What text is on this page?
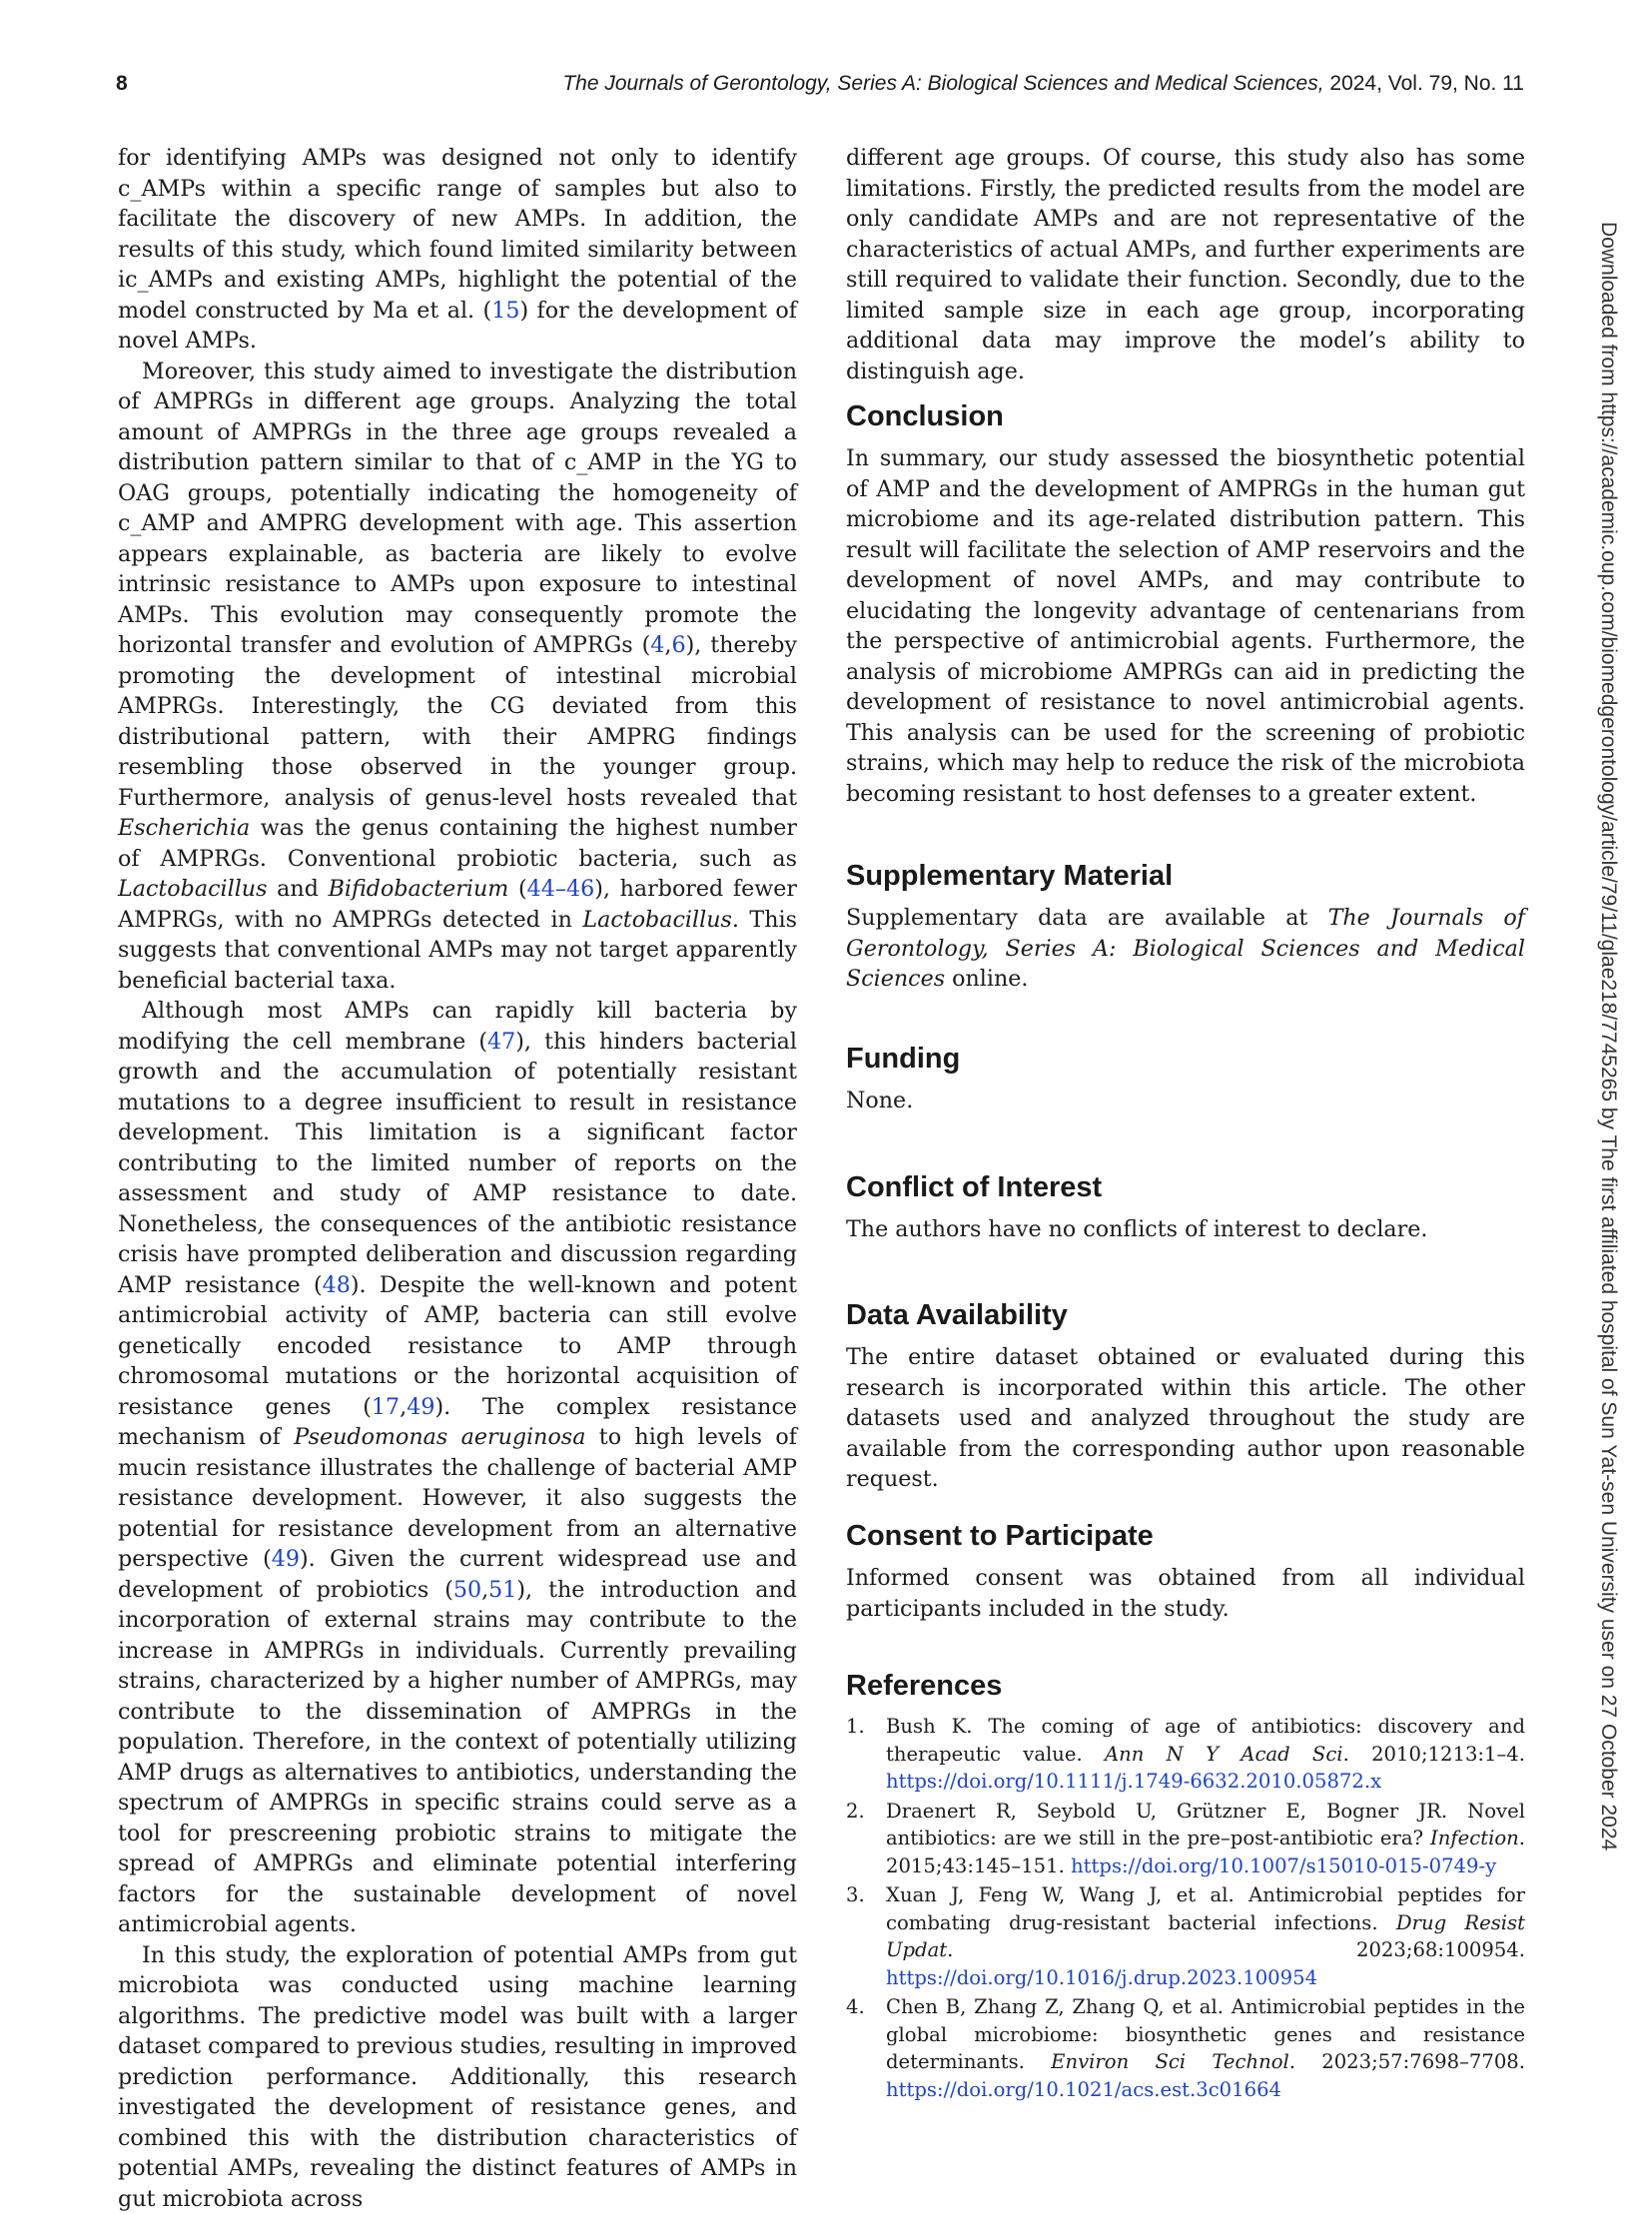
8	The Journals of Gerontology, Series A: Biological Sciences and Medical Sciences, 2024, Vol. 79, No. 11

for identifying AMPs was designed not only to identify c_AMPs within a specific range of samples but also to facilitate the discovery of new AMPs. In addition, the results of this study, which found limited similarity between ic_AMPs and existing AMPs, highlight the potential of the model constructed by Ma et al. (15) for the development of novel AMPs.

Moreover, this study aimed to investigate the distribution of AMPRGs in different age groups. Analyzing the total amount of AMPRGs in the three age groups revealed a distribution pattern similar to that of c_AMP in the YG to OAG groups, potentially indicating the homogeneity of c_AMP and AMPRG development with age. This assertion appears explainable, as bacteria are likely to evolve intrinsic resistance to AMPs upon exposure to intestinal AMPs. This evolution may consequently promote the horizontal transfer and evolution of AMPRGs (4,6), thereby promoting the development of intestinal microbial AMPRGs. Interestingly, the CG deviated from this distributional pattern, with their AMPRG findings resembling those observed in the younger group. Furthermore, analysis of genus-level hosts revealed that Escherichia was the genus containing the highest number of AMPRGs. Conventional probiotic bacteria, such as Lactobacillus and Bifidobacterium (44–46), harbored fewer AMPRGs, with no AMPRGs detected in Lactobacillus. This suggests that conventional AMPs may not target apparently beneficial bacterial taxa.

Although most AMPs can rapidly kill bacteria by modifying the cell membrane (47), this hinders bacterial growth and the accumulation of potentially resistant mutations to a degree insufficient to result in resistance development. This limitation is a significant factor contributing to the limited number of reports on the assessment and study of AMP resistance to date. Nonetheless, the consequences of the antibiotic resistance crisis have prompted deliberation and discussion regarding AMP resistance (48). Despite the well-known and potent antimicrobial activity of AMP, bacteria can still evolve genetically encoded resistance to AMP through chromosomal mutations or the horizontal acquisition of resistance genes (17,49). The complex resistance mechanism of Pseudomonas aeruginosa to high levels of mucin resistance illustrates the challenge of bacterial AMP resistance development. However, it also suggests the potential for resistance development from an alternative perspective (49). Given the current widespread use and development of probiotics (50,51), the introduction and incorporation of external strains may contribute to the increase in AMPRGs in individuals. Currently prevailing strains, characterized by a higher number of AMPRGs, may contribute to the dissemination of AMPRGs in the population. Therefore, in the context of potentially utilizing AMP drugs as alternatives to antibiotics, understanding the spectrum of AMPRGs in specific strains could serve as a tool for prescreening probiotic strains to mitigate the spread of AMPRGs and eliminate potential interfering factors for the sustainable development of novel antimicrobial agents.

In this study, the exploration of potential AMPs from gut microbiota was conducted using machine learning algorithms. The predictive model was built with a larger dataset compared to previous studies, resulting in improved prediction performance. Additionally, this research investigated the development of resistance genes, and combined this with the distribution characteristics of potential AMPs, revealing the distinct features of AMPs in gut microbiota across

different age groups. Of course, this study also has some limitations. Firstly, the predicted results from the model are only candidate AMPs and are not representative of the characteristics of actual AMPs, and further experiments are still required to validate their function. Secondly, due to the limited sample size in each age group, incorporating additional data may improve the model’s ability to distinguish age.

Conclusion

In summary, our study assessed the biosynthetic potential of AMP and the development of AMPRGs in the human gut microbiome and its age-related distribution pattern. This result will facilitate the selection of AMP reservoirs and the development of novel AMPs, and may contribute to elucidating the longevity advantage of centenarians from the perspective of antimicrobial agents. Furthermore, the analysis of microbiome AMPRGs can aid in predicting the development of resistance to novel antimicrobial agents. This analysis can be used for the screening of probiotic strains, which may help to reduce the risk of the microbiota becoming resistant to host defenses to a greater extent.

Supplementary Material

Supplementary data are available at The Journals of Gerontology, Series A: Biological Sciences and Medical Sciences online.

Funding

None.

Conflict of Interest

The authors have no conflicts of interest to declare.

Data Availability

The entire dataset obtained or evaluated during this research is incorporated within this article. The other datasets used and analyzed throughout the study are available from the corresponding author upon reasonable request.

Consent to Participate

Informed consent was obtained from all individual participants included in the study.

References
1. Bush K. The coming of age of antibiotics: discovery and therapeutic value. Ann N Y Acad Sci. 2010;1213:1–4. https://doi.org/10.1111/j.1749-6632.2010.05872.x
2. Draenert R, Seybold U, Grützner E, Bogner JR. Novel antibiotics: are we still in the pre–post-antibiotic era? Infection. 2015;43:145–151. https://doi.org/10.1007/s15010-015-0749-y
3. Xuan J, Feng W, Wang J, et al. Antimicrobial peptides for combating drug-resistant bacterial infections. Drug Resist Updat. 2023;68:100954. https://doi.org/10.1016/j.drup.2023.100954
4. Chen B, Zhang Z, Zhang Q, et al. Antimicrobial peptides in the global microbiome: biosynthetic genes and resistance determinants. Environ Sci Technol. 2023;57:7698–7708. https://doi.org/10.1021/acs.est.3c01664
Downloaded from https://academic.oup.com/biomedgerontology/article/79/11/glae218/7745265 by The first affiliated hospital of Sun Yat-sen University user on 27 October 2024
